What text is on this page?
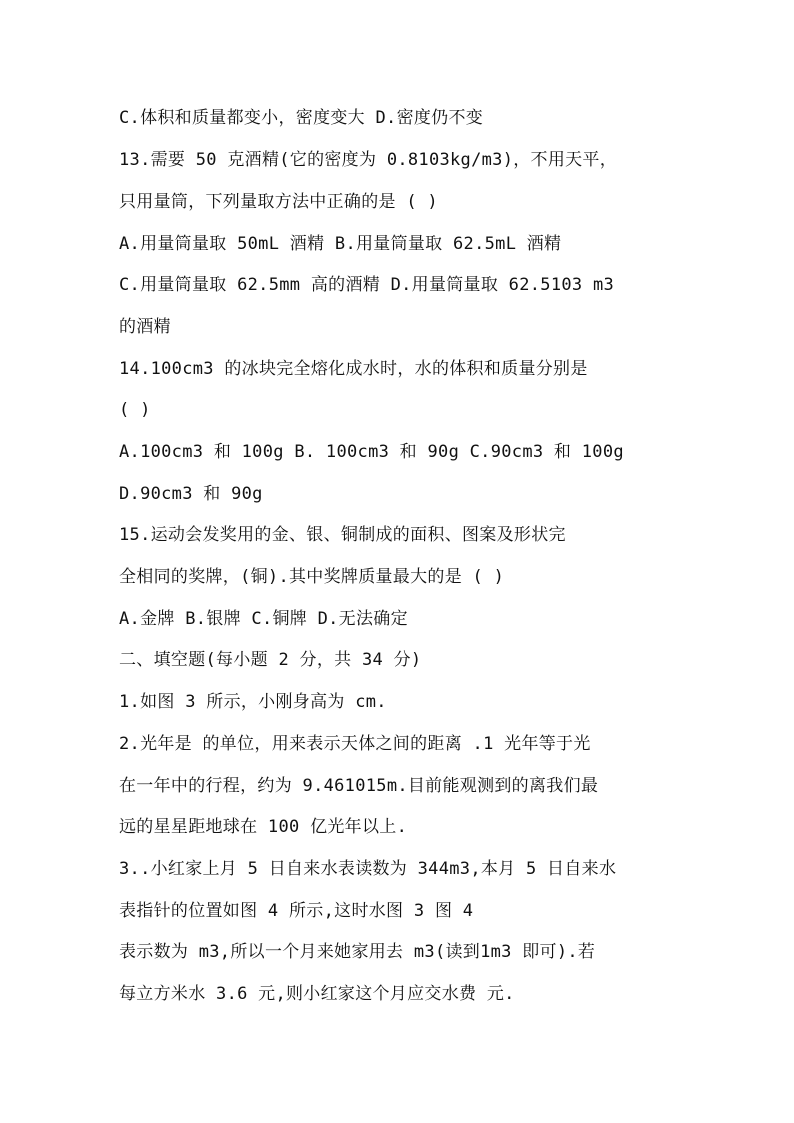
C.体积和质量都变小，密度变大 D.密度仍不变
13.需要 50 克酒精(它的密度为 0.8103kg/m3)，不用天平，
只用量筒，下列量取方法中正确的是 ( )
A.用量筒量取 50mL 酒精 B.用量筒量取 62.5mL 酒精
C.用量筒量取 62.5mm 高的酒精 D.用量筒量取 62.5103 m3
的酒精
14.100cm3 的冰块完全熔化成水时，水的体积和质量分别是
( )
A.100cm3 和 100g B. 100cm3 和 90g C.90cm3 和 100g
D.90cm3 和 90g
15.运动会发奖用的金、银、铜制成的面积、图案及形状完
全相同的奖牌，(铜).其中奖牌质量最大的是 ( )
A.金牌 B.银牌 C.铜牌 D.无法确定
二、填空题(每小题 2 分，共 34 分)
1.如图 3 所示，小刚身高为 cm.
2.光年是 的单位，用来表示天体之间的距离 .1 光年等于光
在一年中的行程，约为 9.461015m.目前能观测到的离我们最
远的星星距地球在 100 亿光年以上.
3..小红家上月 5 日自来水表读数为 344m3,本月 5 日自来水
表指针的位置如图 4 所示,这时水图 3 图 4
表示数为 m3,所以一个月来她家用去 m3(读到1m3 即可).若
每立方米水 3.6 元,则小红家这个月应交水费 元.
